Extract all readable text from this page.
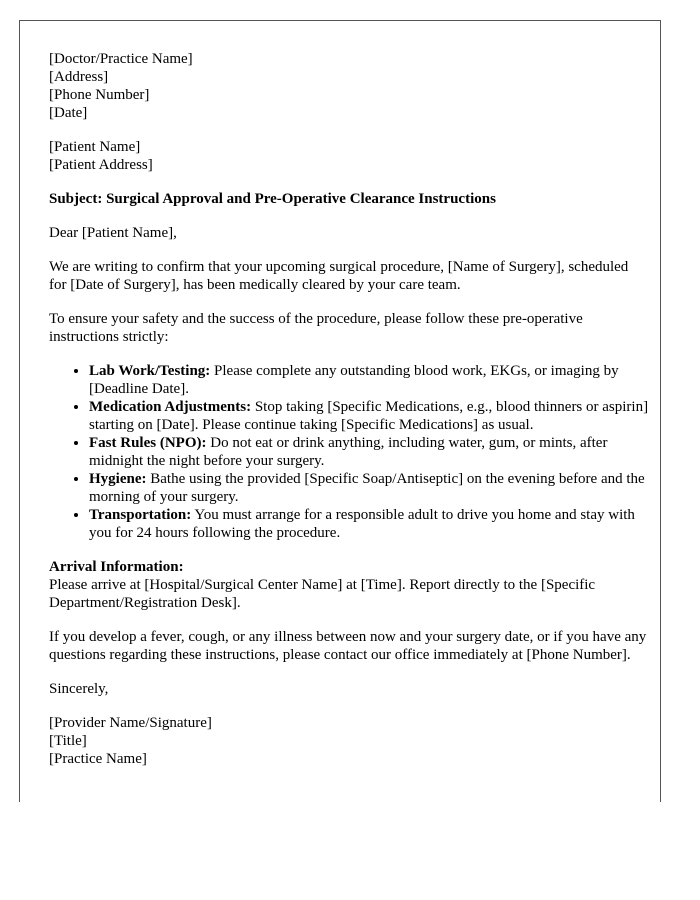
[Doctor/Practice Name]
[Address]
[Phone Number]
[Date]
[Patient Name]
[Patient Address]

Subject: Surgical Approval and Pre-Operative Clearance Instructions

Dear [Patient Name],

We are writing to confirm that your upcoming surgical procedure, [Name of Surgery], scheduled for [Date of Surgery], has been medically cleared by your care team.

To ensure your safety and the success of the procedure, please follow these pre-operative instructions strictly:

• Lab Work/Testing: Please complete any outstanding blood work, EKGs, or imaging by [Deadline Date].
• Medication Adjustments: Stop taking [Specific Medications, e.g., blood thinners or aspirin] starting on [Date]. Please continue taking [Specific Medications] as usual.
• Fast Rules (NPO): Do not eat or drink anything, including water, gum, or mints, after midnight the night before your surgery.
• Hygiene: Bathe using the provided [Specific Soap/Antiseptic] on the evening before and the morning of your surgery.
• Transportation: You must arrange for a responsible adult to drive you home and stay with you for 24 hours following the procedure.
Arrival Information:
Please arrive at [Hospital/Surgical Center Name] at [Time]. Report directly to the [Specific Department/Registration Desk].

If you develop a fever, cough, or any illness between now and your surgery date, or if you have any questions regarding these instructions, please contact our office immediately at [Phone Number].

Sincerely,

[Provider Name/Signature]
[Title]
[Practice Name]
